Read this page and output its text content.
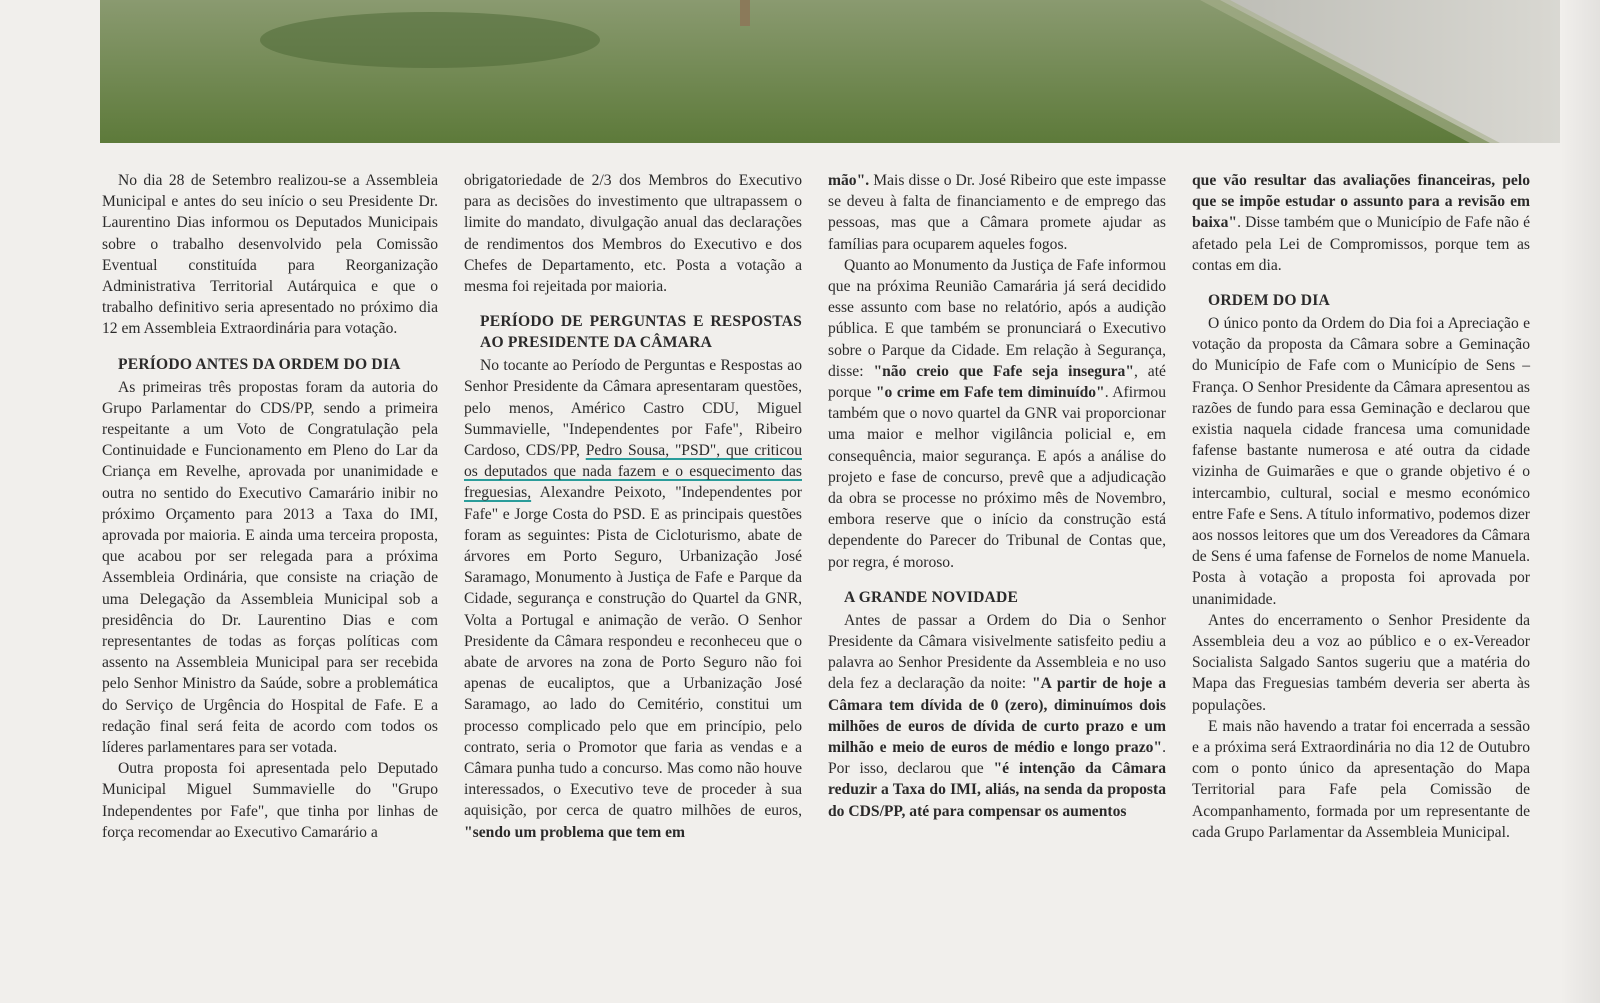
No dia 28 de Setembro realizou-se a Assembleia Municipal e antes do seu início o seu Presidente Dr. Laurentino Dias informou os Deputados Municipais sobre o trabalho desenvolvido pela Comissão Eventual constituída para Reorganização Administrativa Territorial Autárquica e que o trabalho definitivo seria apresentado no próximo dia 12 em Assembleia Extraordinária para votação.

PERÍODO ANTES DA ORDEM DO DIA

As primeiras três propostas foram da autoria do Grupo Parlamentar do CDS/PP, sendo a primeira respeitante a um Voto de Congratulação pela Continuidade e Funcionamento em Pleno do Lar da Criança em Revelhe, aprovada por unanimidade e outra no sentido do Executivo Camarário inibir no próximo Orçamento para 2013 a Taxa do IMI, aprovada por maioria. E ainda uma terceira proposta, que acabou por ser relegada para a próxima Assembleia Ordinária, que consiste na criação de uma Delegação da Assembleia Municipal sob a presidência do Dr. Laurentino Dias e com representantes de todas as forças políticas com assento na Assembleia Municipal para ser recebida pelo Senhor Ministro da Saúde, sobre a problemática do Serviço de Urgência do Hospital de Fafe. E a redação final será feita de acordo com todos os líderes parlamentares para ser votada.

Outra proposta foi apresentada pelo Deputado Municipal Miguel Summavielle do "Grupo Independentes por Fafe", que tinha por linhas de força recomendar ao Executivo Camarário a

obrigatoriedade de 2/3 dos Membros do Executivo para as decisões do investimento que ultrapassem o limite do mandato, divulgação anual das declarações de rendimentos dos Membros do Executivo e dos Chefes de Departamento, etc. Posta a votação a mesma foi rejeitada por maioria.

PERÍODO DE PERGUNTAS E RESPOSTAS AO PRESIDENTE DA CÂMARA

No tocante ao Período de Perguntas e Respostas ao Senhor Presidente da Câmara apresentaram questões, pelo menos, Américo Castro CDU, Miguel Summavielle, "Independentes por Fafe", Ribeiro Cardoso, CDS/PP, Pedro Sousa, "PSD", que criticou os deputados que nada fazem e o esquecimento das freguesias, Alexandre Peixoto, "Independentes por Fafe" e Jorge Costa do PSD. E as principais questões foram as seguintes: Pista de Cicloturismo, abate de árvores em Porto Seguro, Urbanização José Saramago, Monumento à Justiça de Fafe e Parque da Cidade, segurança e construção do Quartel da GNR, Volta a Portugal e animação de verão. O Senhor Presidente da Câmara respondeu e reconheceu que o abate de arvores na zona de Porto Seguro não foi apenas de eucaliptos, que a Urbanização José Saramago, ao lado do Cemitério, constitui um processo complicado pelo que em princípio, pelo contrato, seria o Promotor que faria as vendas e a Câmara punha tudo a concurso. Mas como não houve interessados, o Executivo teve de proceder à sua aquisição, por cerca de quatro milhões de euros, "sendo um problema que tem em

mão". Mais disse o Dr. José Ribeiro que este impasse se deveu à falta de financiamento e de emprego das pessoas, mas que a Câmara promete ajudar as famílias para ocuparem aqueles fogos.

Quanto ao Monumento da Justiça de Fafe informou que na próxima Reunião Camarária já será decidido esse assunto com base no relatório, após a audição pública. E que também se pronunciará o Executivo sobre o Parque da Cidade. Em relação à Segurança, disse: "não creio que Fafe seja insegura", até porque "o crime em Fafe tem diminuído". Afirmou também que o novo quartel da GNR vai proporcionar uma maior e melhor vigilância policial e, em consequência, maior segurança. E após a análise do projeto e fase de concurso, prevê que a adjudicação da obra se processe no próximo mês de Novembro, embora reserve que o início da construção está dependente do Parecer do Tribunal de Contas que, por regra, é moroso.

A GRANDE NOVIDADE

Antes de passar a Ordem do Dia o Senhor Presidente da Câmara visivelmente satisfeito pediu a palavra ao Senhor Presidente da Assembleia e no uso dela fez a declaração da noite: "A partir de hoje a Câmara tem dívida de 0 (zero), diminuímos dois milhões de euros de dívida de curto prazo e um milhão e meio de euros de médio e longo prazo". Por isso, declarou que "é intenção da Câmara reduzir a Taxa do IMI, aliás, na senda da proposta do CDS/PP, até para compensar os aumentos

que vão resultar das avaliações financeiras, pelo que se impõe estudar o assunto para a revisão em baixa". Disse também que o Município de Fafe não é afetado pela Lei de Compromissos, porque tem as contas em dia.

ORDEM DO DIA

O único ponto da Ordem do Dia foi a Apreciação e votação da proposta da Câmara sobre a Geminação do Município de Fafe com o Município de Sens – França. O Senhor Presidente da Câmara apresentou as razões de fundo para essa Geminação e declarou que existia naquela cidade francesa uma comunidade fafense bastante numerosa e até outra da cidade vizinha de Guimarães e que o grande objetivo é o intercambio, cultural, social e mesmo económico entre Fafe e Sens. A título informativo, podemos dizer aos nossos leitores que um dos Vereadores da Câmara de Sens é uma fafense de Fornelos de nome Manuela. Posta à votação a proposta foi aprovada por unanimidade.

Antes do encerramento o Senhor Presidente da Assembleia deu a voz ao público e o ex-Vereador Socialista Salgado Santos sugeriu que a matéria do Mapa das Freguesias também deveria ser aberta às populações.

E mais não havendo a tratar foi encerrada a sessão e a próxima será Extraordinária no dia 12 de Outubro com o ponto único da apresentação do Mapa Territorial para Fafe pela Comissão de Acompanhamento, formada por um representante de cada Grupo Parlamentar da Assembleia Municipal.
